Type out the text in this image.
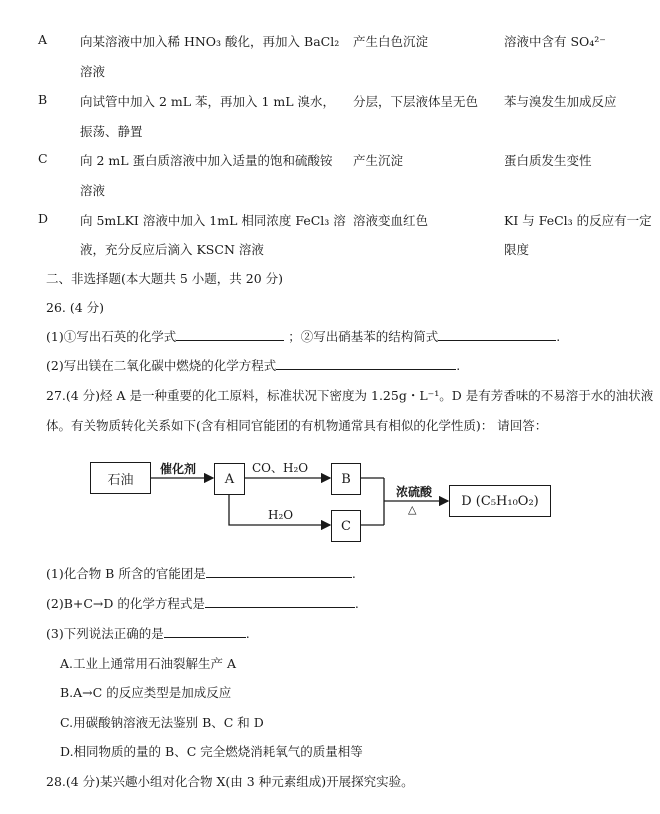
A	向某溶液中加入稀 HNO₃ 酸化，再加入 BaCl₂
溶液
产生白色沉淀	溶液中含有 SO₄²⁻
B	向试管中加入 2 mL 苯，再加入 1 mL 溴水，
振荡、静置
分层，下层液体呈无色 苯与溴发生加成反应
C	向 2 mL 蛋白质溶液中加入适量的饱和硫酸铵
溶液
产生沉淀	蛋白质发生变性
D	向 5mLKI 溶液中加入 1mL 相同浓度 FeCl₃ 溶
液，充分反应后滴入 KSCN 溶液
溶液变血红色	KI 与 FeCl₃ 的反应有一定
限度
二、非选择题(本大题共 5 小题，共 20 分)
26. (4 分)
(1)①写出石英的化学式	；②写出硝基苯的结构简式	.
(2)写出镁在二氧化碳中燃烧的化学方程式	.
27.(4 分)烃 A 是一种重要的化工原料，标准状况下密度为 1.25g・L⁻¹。D 是有芳香味的不易溶于水的油状液
体。有关物质转化关系如下(含有相同官能团的有机物通常具有相似的化学性质)： 请回答：
石油	A	B
C
D (C₅H₁₀O₂)
催化剂	CO、H₂O
H₂O
浓硫酸
△
(1)化合物 B 所含的官能团是	.
(2)B+C→D 的化学方程式是	.
(3)下列说法正确的是	.
A.工业上通常用石油裂解生产 A
B.A→C 的反应类型是加成反应
C.用碳酸钠溶液无法鉴别 B、C 和 D
D.相同物质的量的 B、C 完全燃烧消耗氧气的质量相等
28.(4 分)某兴趣小组对化合物 X(由 3 种元素组成)开展探究实验。
